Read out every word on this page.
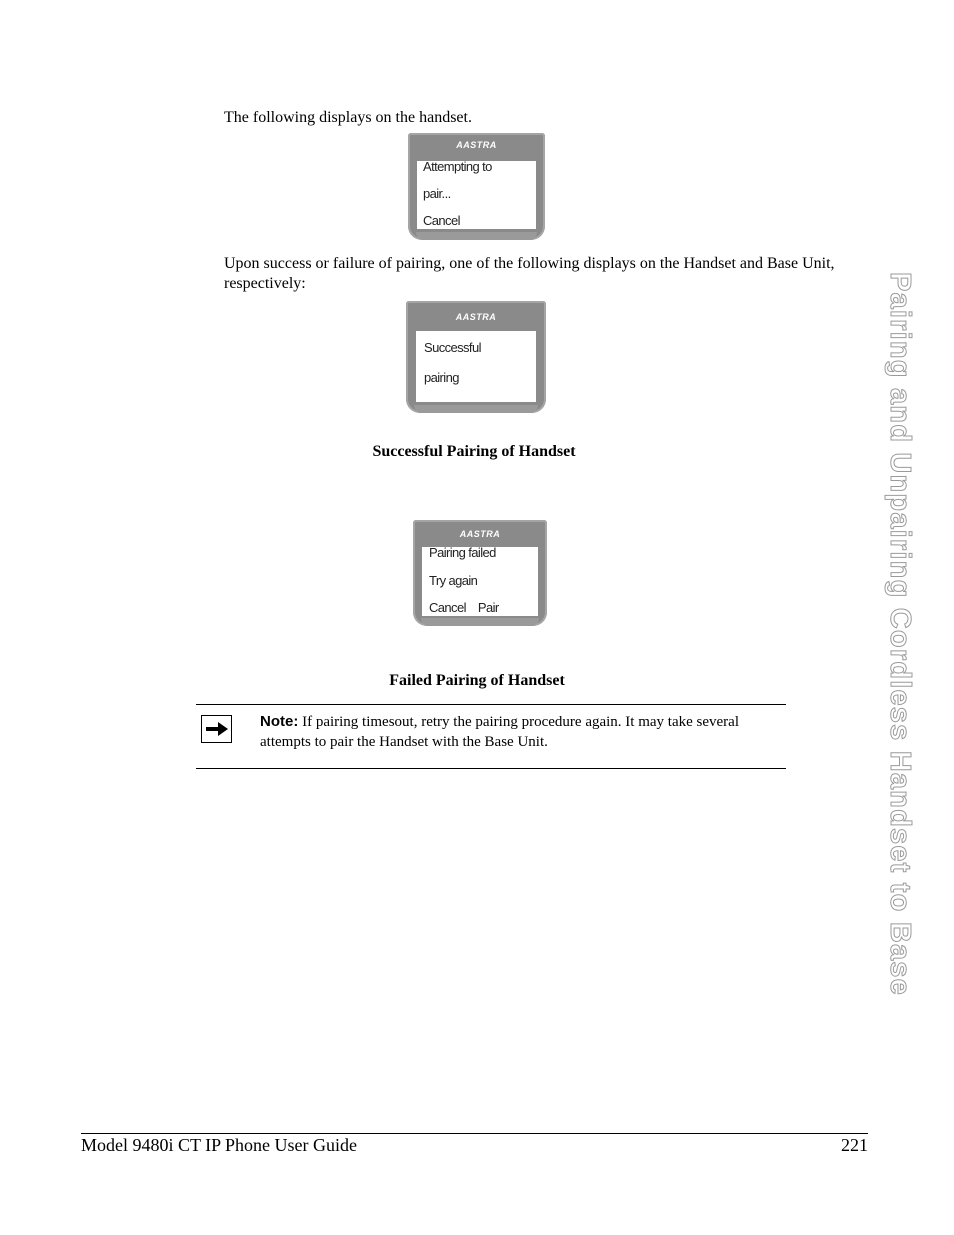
The following displays on the handset.

AASTRA
Attempting to
pair...
Cancel

Upon success or failure of pairing, one of the following displays on the Handset and Base Unit, respectively:

AASTRA
Successful
pairing

Successful Pairing of Handset

AASTRA
Pairing failed
Try again
Cancel    Pair

Failed Pairing of Handset

Note: If pairing timesout, retry the pairing procedure again. It may take several attempts to pair the Handset with the Base Unit.	Pairing and Unpairing Cordless Handset to Base
Model 9480i CT IP Phone User Guide	221
